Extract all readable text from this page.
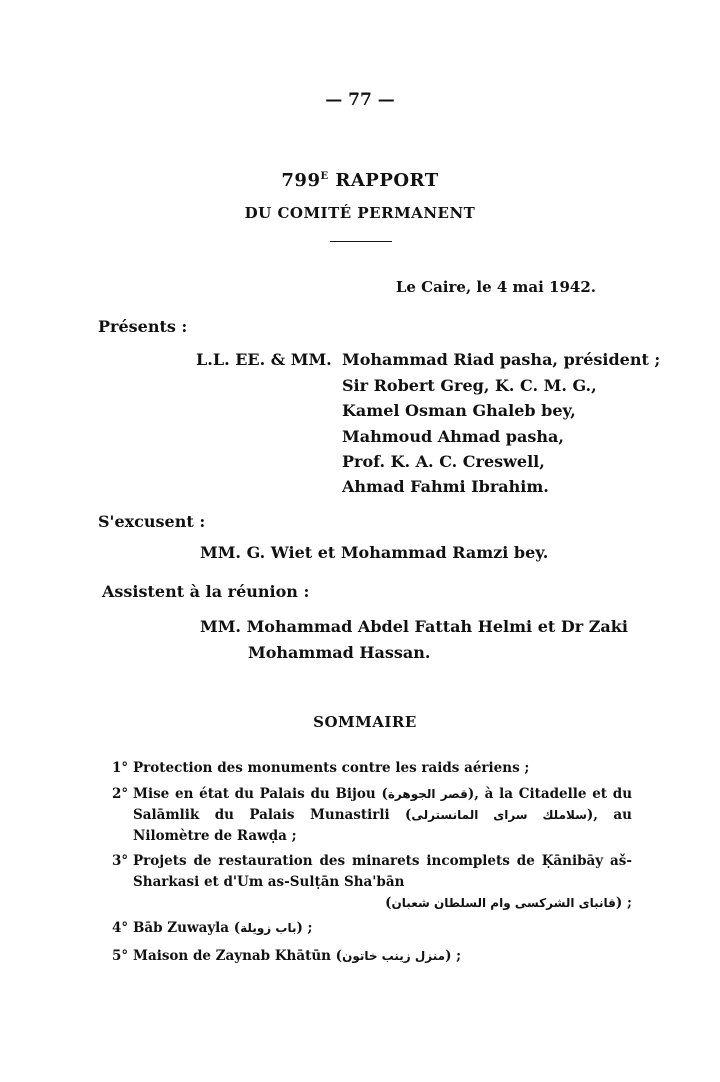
— 77 —
$799^E$ RAPPORT
DU COMITÉ PERMANENT
Le Caire, le 4 mai 1942.
Présents :
L.L. EE. & MM. Mohammad Riad pasha, président ;
Sir Robert Greg, K. C. M. G.,
Kamel Osman Ghaleb bey,
Mahmoud Ahmad pasha,
Prof. K. A. C. Creswell,
Ahmad Fahmi Ibrahim.
S'excusent :
MM. G. Wiet et Mohammad Ramzi bey.
Assistent à la réunion :
MM. Mohammad Abdel Fattah Helmi et Dr Zaki
Mohammad Hassan.
SOMMAIRE
1° Protection des monuments contre les raids aériens ;
2° Mise en état du Palais du Bijou (قصر الجوهرة), à la Citadelle et du Salāmlik du Palais Munastirli (سلاملك سراى المانسترلى), au Nilomètre de Rawḍa ;
3° Projets de restauration des minarets incomplets de Ḳānibāy aš-Sharkasi et d'Um as-Sulṭān Sha'bān
(قانباى الشركسى وام السلطان شعبان) ;
4° Bāb Zuwayla (باب زويلة) ;
5° Maison de Zaynab Khātūn (منزل زينب خاتون) ;
